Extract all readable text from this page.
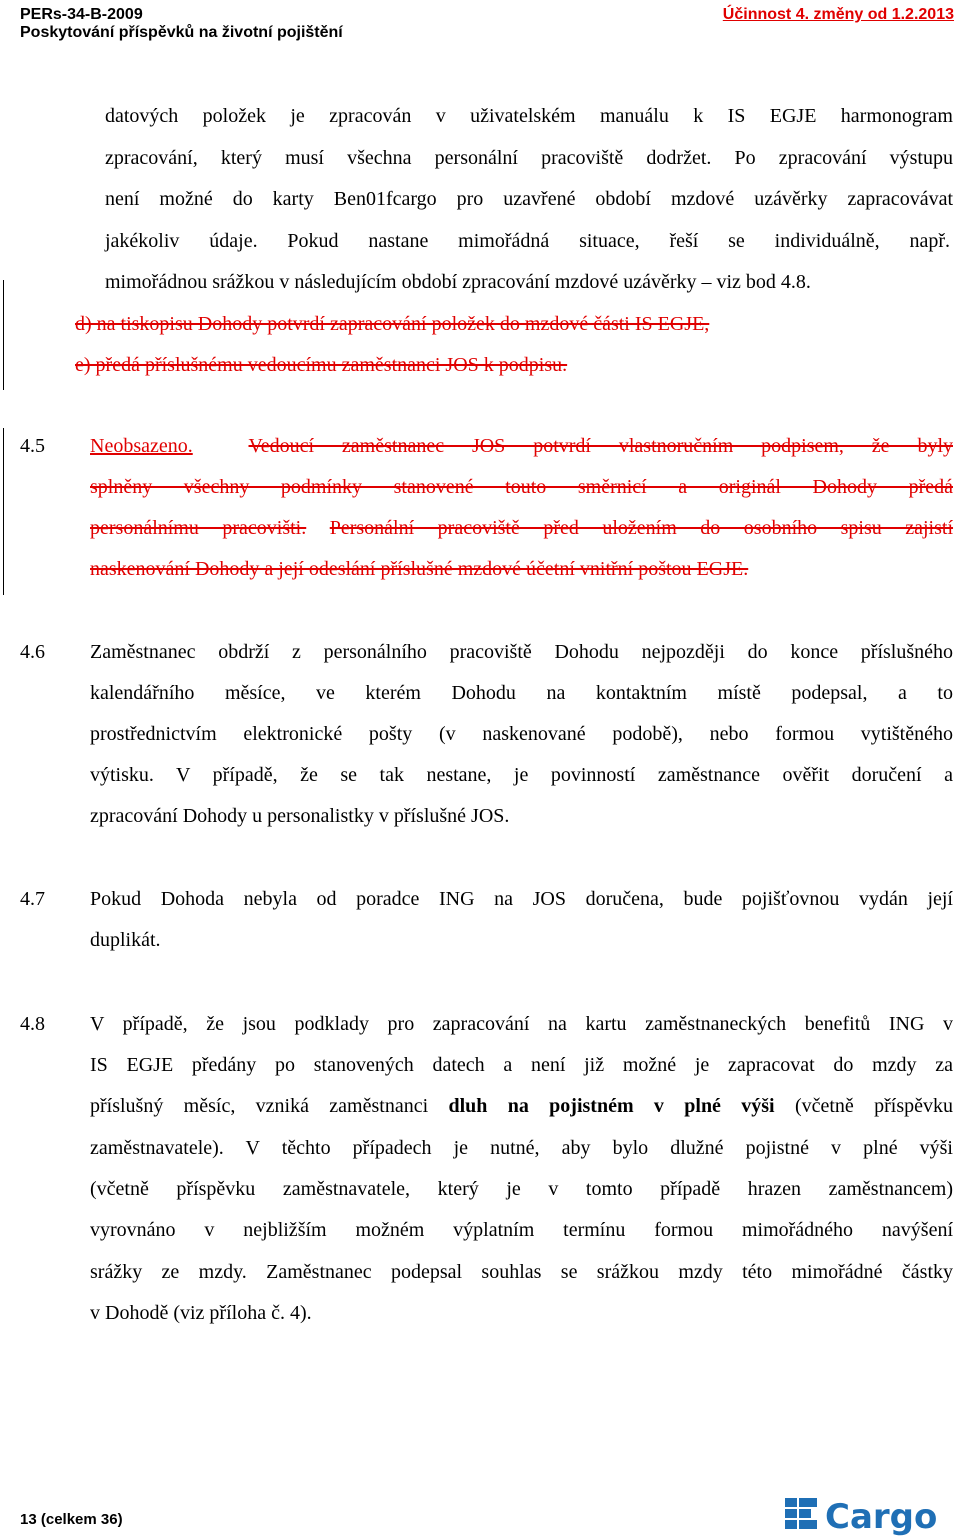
PERs-34-B-2009
Poskytování příspěvků na životní pojištění
Účinnost 4. změny od 1.2.2013
datových položek je zpracován v uživatelském manuálu k IS EGJE harmonogram
zpracování, který musí všechna personální pracoviště dodržet. Po zpracování výstupu
není možné do karty Ben01fcargo pro uzavřené období mzdové uzávěrky zapracovávat
jakékoliv údaje. Pokud nastane mimořádná situace, řeší se individuálně, např.
mimořádnou srážkou v následujícím období zpracování mzdové uzávěrky – viz bod 4.8.
d) na tiskopisu Dohody potvrdí zapracování položek do mzdové části IS EGJE,
e) předá příslušnému vedoucímu zaměstnanci JOS k podpisu.
4.5 Neobsazeno.	Vedoucí zaměstnanec JOS potvrdí vlastnoručním podpisem, že byly
splněny všechny podmínky stanovené touto směrnicí a originál Dohody předá
personálnímu pracovišti. Personální pracoviště před uložením do osobního spisu zajistí
naskenování Dohody a její odeslání příslušné mzdové účetní vnitřní poštou EGJE.
4.6 Zaměstnanec obdrží z personálního pracoviště Dohodu nejpozději do konce příslušného
kalendářního měsíce, ve kterém Dohodu na kontaktním místě podepsal, a to
prostřednictvím elektronické pošty (v naskenované podobě), nebo formou vytištěného
výtisku. V případě, že se tak nestane, je povinností zaměstnance ověřit doručení a
zpracování Dohody u personalistky v příslušné JOS.
4.7 Pokud Dohoda nebyla od poradce ING na JOS doručena, bude pojišťovnou vydán její
duplikát.
4.8 V případě, že jsou podklady pro zapracování na kartu zaměstnaneckých benefitů ING v
IS EGJE předány po stanovených datech a není již možné je zapracovat do mzdy za
příslušný měsíc, vzniká zaměstnanci dluh na pojistném v plné výši (včetně příspěvku
zaměstnavatele). V těchto případech je nutné, aby bylo dlužné pojistné v plné výši
(včetně příspěvku zaměstnavatele, který je v tomto případě hrazen zaměstnancem)
vyrovnáno v nejbližším možném výplatním termínu formou mimořádného navýšení
srážky ze mzdy. Zaměstnanec podepsal souhlas se srážkou mzdy této mimořádné částky
v Dohodě (viz příloha č. 4).
13 (celkem 36)	Cargo
